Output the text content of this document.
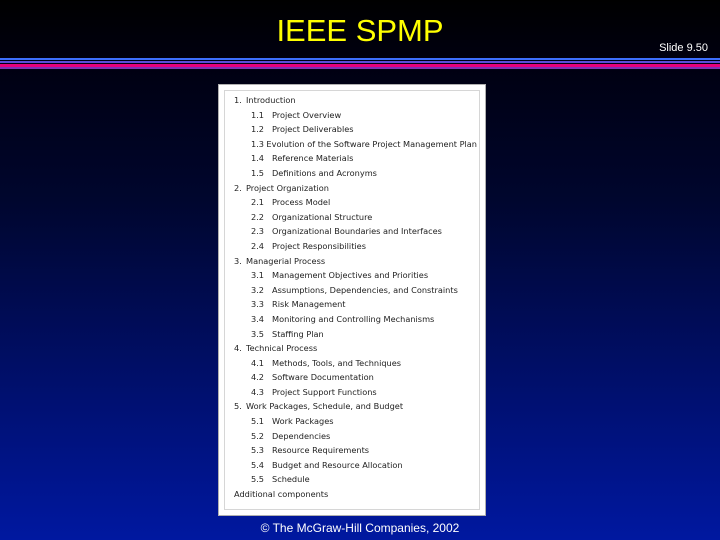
IEEE SPMP	Slide 9.50
1. Introduction
1.1 Project Overview
1.2 Project Deliverables
1.3 Evolution of the Software Project Management Plan
1.4 Reference Materials
1.5 Definitions and Acronyms
2. Project Organization
2.1 Process Model
2.2 Organizational Structure
2.3 Organizational Boundaries and Interfaces
2.4 Project Responsibilities
3. Managerial Process
3.1 Management Objectives and Priorities
3.2 Assumptions, Dependencies, and Constraints
3.3 Risk Management
3.4 Monitoring and Controlling Mechanisms
3.5 Staffing Plan
4. Technical Process
4.1 Methods, Tools, and Techniques
4.2 Software Documentation
4.3 Project Support Functions
5. Work Packages, Schedule, and Budget
5.1 Work Packages
5.2 Dependencies
5.3 Resource Requirements
5.4 Budget and Resource Allocation
5.5 Schedule
Additional components
© The McGraw-Hill Companies, 2002
